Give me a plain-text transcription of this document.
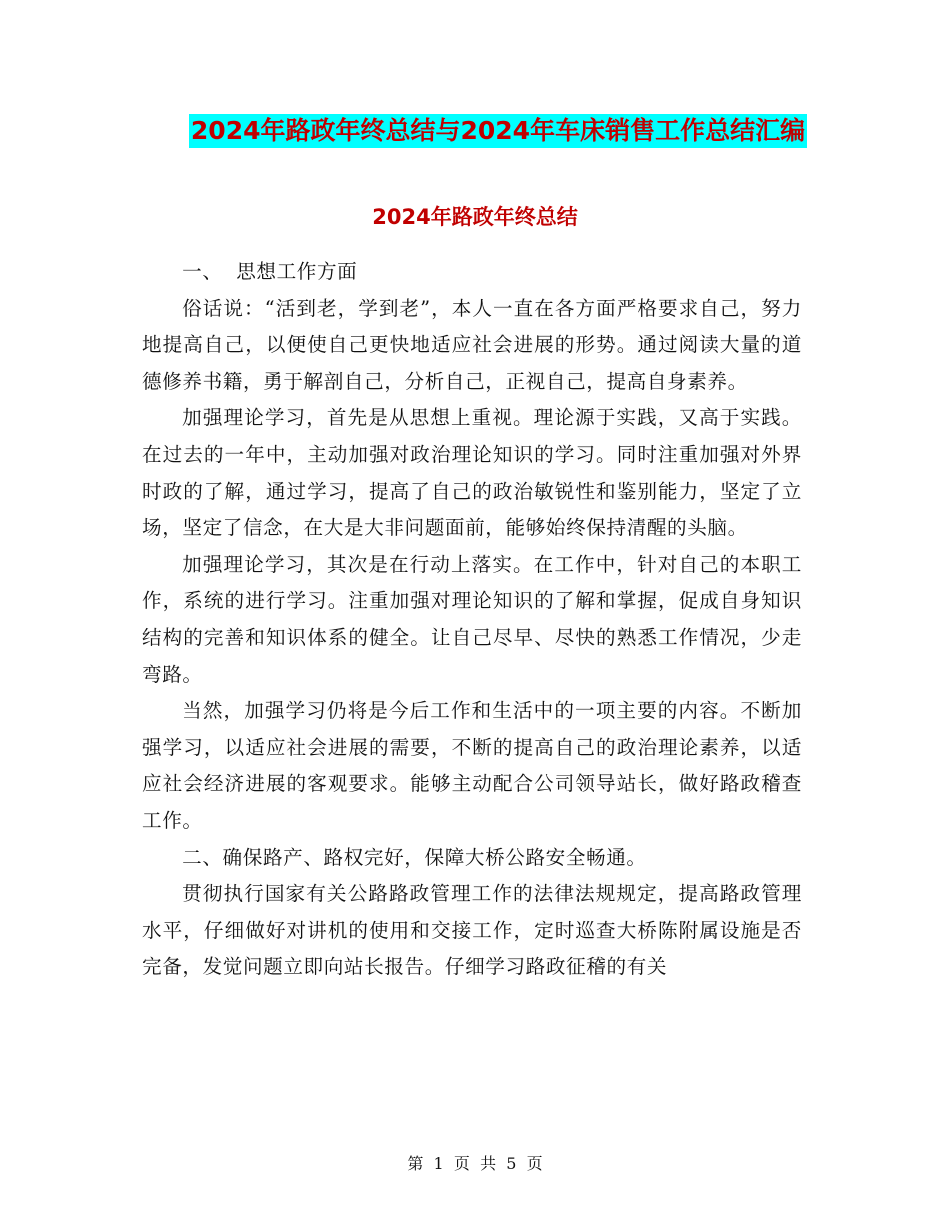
2024年路政年终总结与2024年车床销售工作总结汇编
2024年路政年终总结

一、  思想工作方面

俗话说：“活到老，学到老”，本人一直在各方面严格要求自己，努力地提高自己，以便使自己更快地适应社会进展的形势。通过阅读大量的道德修养书籍，勇于解剖自己，分析自己，正视自己，提高自身素养。

加强理论学习，首先是从思想上重视。理论源于实践，又高于实践。在过去的一年中，主动加强对政治理论知识的学习。同时注重加强对外界时政的了解，通过学习，提高了自己的政治敏锐性和鉴别能力，坚定了立场，坚定了信念，在大是大非问题面前，能够始终保持清醒的头脑。

加强理论学习，其次是在行动上落实。在工作中，针对自己的本职工作，系统的进行学习。注重加强对理论知识的了解和掌握，促成自身知识结构的完善和知识体系的健全。让自己尽早、尽快的熟悉工作情况，少走弯路。

当然，加强学习仍将是今后工作和生活中的一项主要的内容。不断加强学习，以适应社会进展的需要，不断的提高自己的政治理论素养，以适应社会经济进展的客观要求。能够主动配合公司领导站长，做好路政稽查工作。

二、确保路产、路权完好，保障大桥公路安全畅通。

贯彻执行国家有关公路路政管理工作的法律法规规定，提高路政管理水平，仔细做好对讲机的使用和交接工作，定时巡查大桥陈附属设施是否完备，发觉问题立即向站长报告。仔细学习路政征稽的有关

第  1  页  共  5  页
